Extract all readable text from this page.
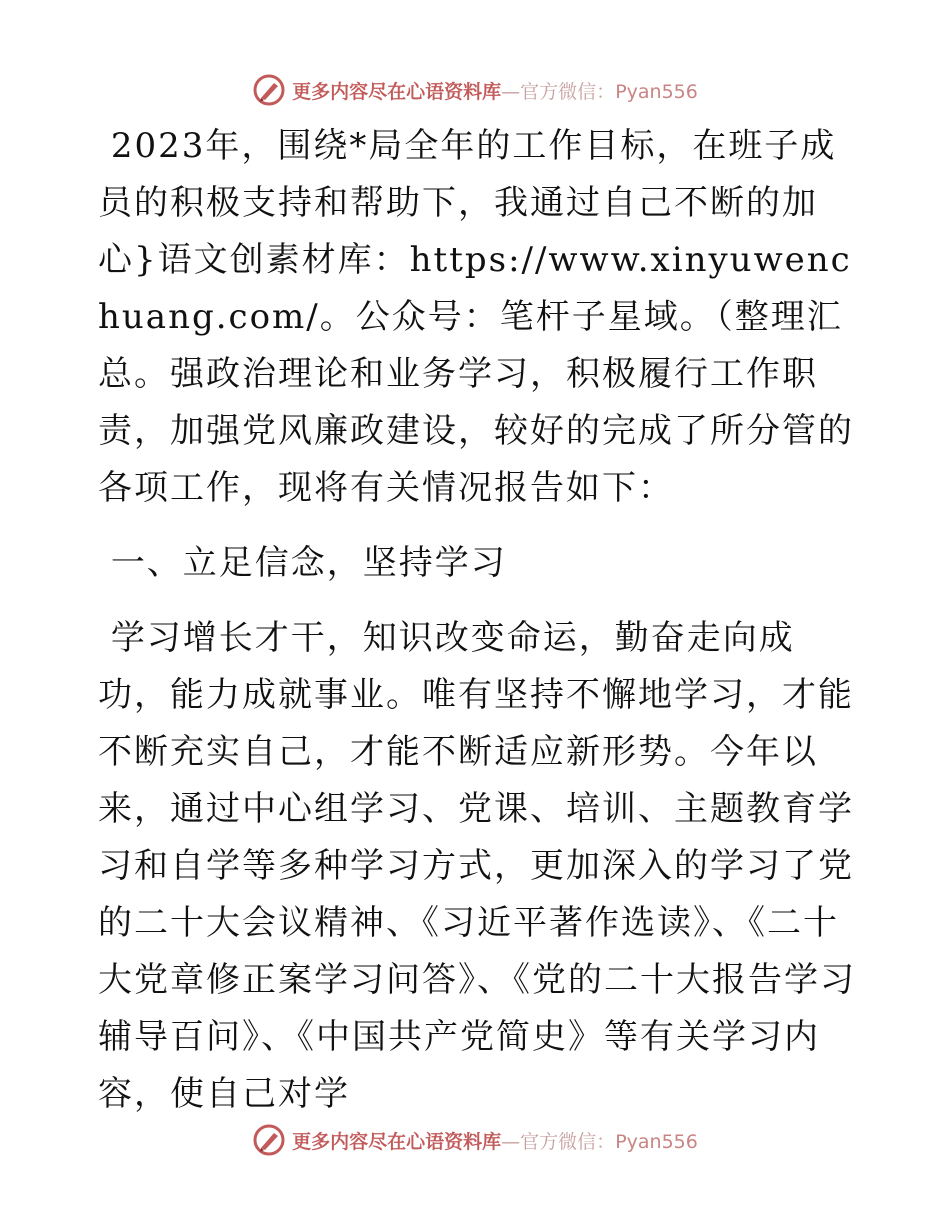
更多内容尽在心语资料库—官方微信：Pyan556

2023年，围绕*局全年的工作目标，在班子成员的积极支持和帮助下，我通过自己不断的加心}语文创素材库：https://www.xinyuwenchuang.com/。公众号：笔杆子星域。（整理汇总。强政治理论和业务学习，积极履行工作职责，加强党风廉政建设，较好的完成了所分管的各项工作，现将有关情况报告如下：

一、立足信念，坚持学习

学习增长才干，知识改变命运，勤奋走向成功，能力成就事业。唯有坚持不懈地学习，才能不断充实自己，才能不断适应新形势。今年以来，通过中心组学习、党课、培训、主题教育学习和自学等多种学习方式，更加深入的学习了党的二十大会议精神、《习近平著作选读》、《二十大党章修正案学习问答》、《党的二十大报告学习辅导百问》、《中国共产党简史》等有关学习内容，使自己对学

更多内容尽在心语资料库—官方微信：Pyan556
